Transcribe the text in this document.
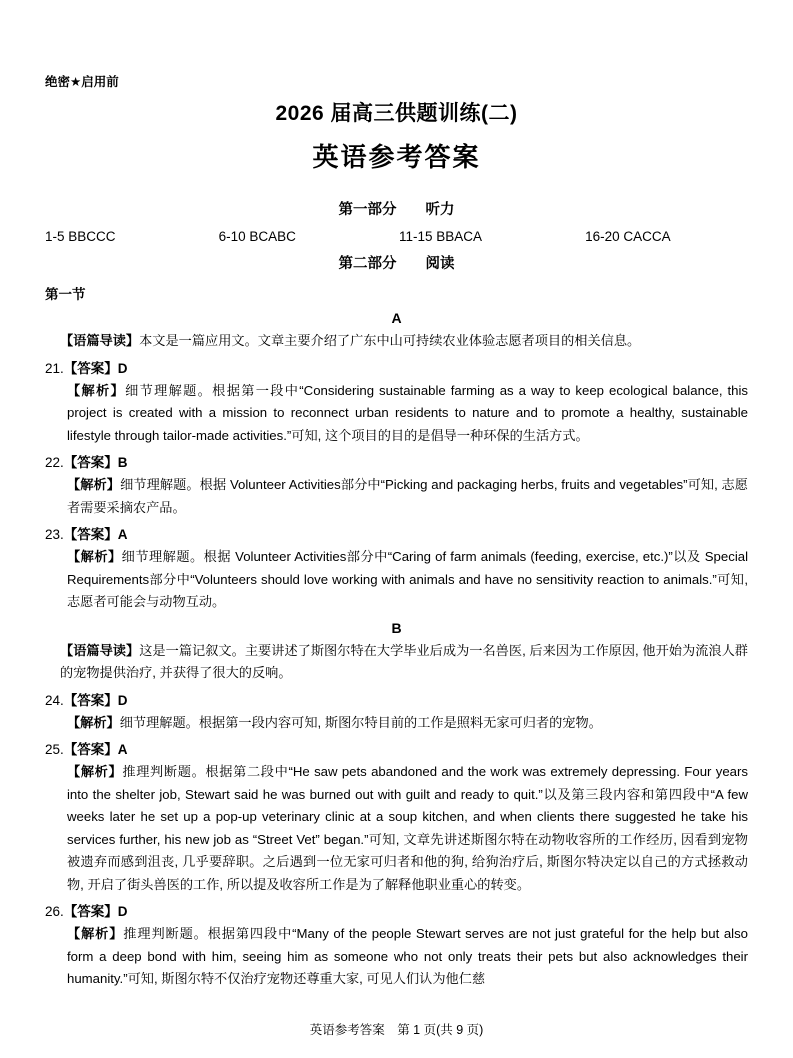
绝密★启用前
2026 届高三供题训练(二)
英语参考答案
第一部分　　听力
1-5 BBCCC	6-10 BCABC	11-15 BBACA	16-20 CACCA
第二部分　　阅读
第一节
A

【语篇导读】本文是一篇应用文。文章主要介绍了广东中山可持续农业体验志愿者项目的相关信息。

21.【答案】D

【解析】细节理解题。根据第一段中“Considering sustainable farming as a way to keep ecological balance, this project is created with a mission to reconnect urban residents to nature and to promote a healthy, sustainable lifestyle through tailor-made activities.”可知, 这个项目的目的是倡导一种环保的生活方式。

22.【答案】B

【解析】细节理解题。根据 Volunteer Activities部分中“Picking and packaging herbs, fruits and vegetables”可知, 志愿者需要采摘农产品。

23.【答案】A

【解析】细节理解题。根据 Volunteer Activities部分中“Caring of farm animals (feeding, exercise, etc.)”以及 Special Requirements部分中“Volunteers should love working with animals and have no sensitivity reaction to animals.”可知, 志愿者可能会与动物互动。

B

【语篇导读】这是一篇记叙文。主要讲述了斯图尔特在大学毕业后成为一名兽医, 后来因为工作原因, 他开始为流浪人群的宠物提供治疗, 并获得了很大的反响。

24.【答案】D

【解析】细节理解题。根据第一段内容可知, 斯图尔特目前的工作是照料无家可归者的宠物。

25.【答案】A

【解析】推理判断题。根据第二段中“He saw pets abandoned and the work was extremely depressing. Four years into the shelter job, Stewart said he was burned out with guilt and ready to quit.”以及第三段内容和第四段中“A few weeks later he set up a pop-up veterinary clinic at a soup kitchen, and when clients there suggested he take his services further, his new job as “Street Vet” began.”可知, 文章先讲述斯图尔特在动物收容所的工作经历, 因看到宠物被遗弃而感到沮丧, 几乎要辞职。之后遇到一位无家可归者和他的狗, 给狗治疗后, 斯图尔特决定以自己的方式拯救动物, 开启了街头兽医的工作, 所以提及收容所工作是为了解释他职业重心的转变。

26.【答案】D

【解析】推理判断题。根据第四段中“Many of the people Stewart serves are not just grateful for the help but also form a deep bond with him, seeing him as someone who not only treats their pets but also acknowledges their humanity.”可知, 斯图尔特不仅治疗宠物还尊重大家, 可见人们认为他仁慈

英语参考答案　第 1 页(共 9 页)
